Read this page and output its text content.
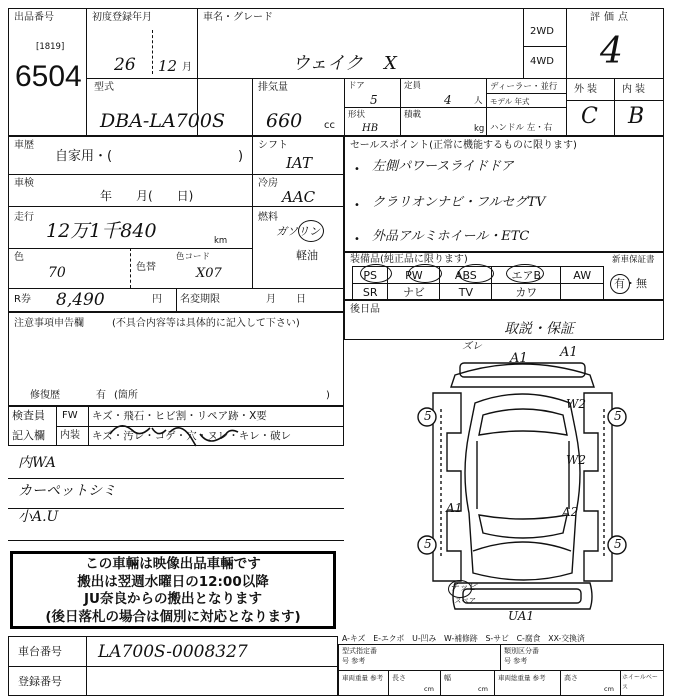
出品番号
[1819]
6504
初度登録年月
26 12 月
車名・グレード
ウェイク X
2WD
4WD
評価点
4
型式
DBA-LA700S
排気量
660 cc
ドア
5
定員
4	人
形状
HB
積載
kg
ディーラー・並行
モデル 年式
ハンドル 左・右
外装 内装
C B
車歴
自家用・(	)
シフト
IAT
車検
年　　月(　　日)
冷房
AAC
走行
12万1千840	km
燃料
ガソリン
軽油
色
70	色替
色コード
X07
R券 8,490	円 名変期限	月　　日
セールスポイント(正常に機能するものに限ります)
左側パワースライドドア
クラリオンナビ・フルセグTV
外品アルミホイール・ETC
•
•
•
装備品(純正品に限ります)	新車保証書
有・無
PS	PW	ABS	エアB	AW
SR	ナビ	TV	カワ	
後日品
取説・保証
注意事項申告欄	(不具合内容等は具体的に記入して下さい)
修復歴	有 (箇所	)
検査員
記入欄
FW キズ・飛石・ヒビ割・リペア跡・X要
内装 キズ・汚レ・コゲ・穴・ヌレ・キレ・破レ
内WA
カーペットシミ
小A.U
この車輛は映像出品車輛です
搬出は翌週水曜日の12:00以降
JU奈良からの搬出となります
(後日落札の場合は個別に対応となります)
5	5
5	5
ズレ
A1 A1
W2
W2
A1	A2
チッピ
スペア
UA1
A-キズ　E-エクボ　U-凹み　W-補修跡　S-サビ　C-腐食　XX-交換済
車台番号 LA700S-0008327
登録番号
型式指定番号 参考
類別区分番号 参考
車両重量 参考	長さ
cm
幅
cm
車両総重量 参考	高さ
cm
ホイールベース
